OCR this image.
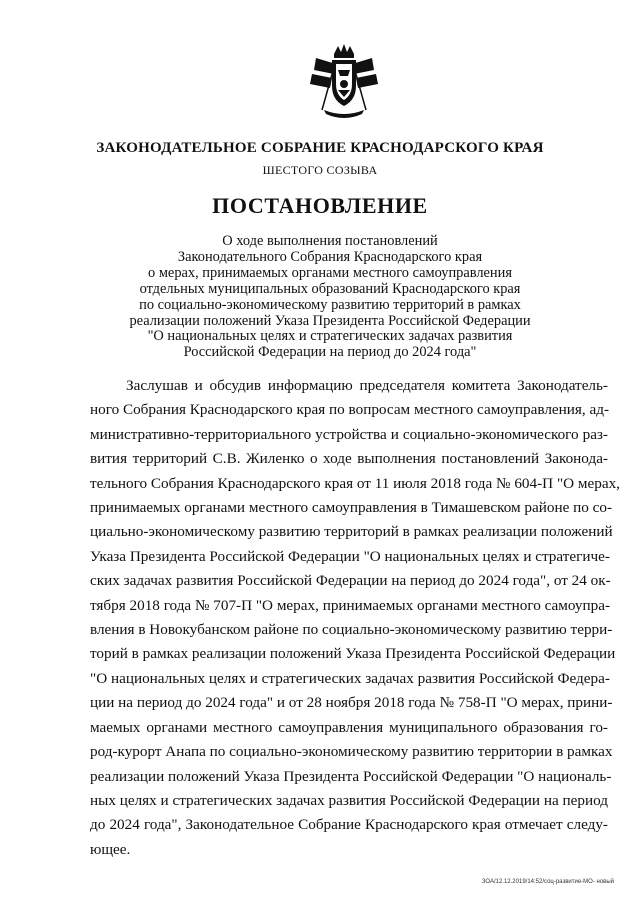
ЗАКОНОДАТЕЛЬНОЕ СОБРАНИЕ КРАСНОДАРСКОГО КРАЯ
ШЕСТОГО СОЗЫВА
ПОСТАНОВЛЕНИЕ
О ходе выполнения постановлений
Законодательного Собрания Краснодарского края
о мерах, принимаемых органами местного самоуправления
отдельных муниципальных образований Краснодарского края
по социально-экономическому развитию территорий в рамках
реализации положений Указа Президента Российской Федерации
"О национальных целях и стратегических задачах развития
Российской Федерации на период до 2024 года"
Заслушав и обсудив информацию председателя комитета Законодатель-
ного Собрания Краснодарского края по вопросам местного самоуправления, ад-
министративно-территориального устройства и социально-экономического раз-
вития территорий С.В. Жиленко о ходе выполнения постановлений Законода-
тельного Собрания Краснодарского края от 11 июля 2018 года № 604-П "О мерах,
принимаемых органами местного самоуправления в Тимашевском районе по со-
циально-экономическому развитию территорий в рамках реализации положений
Указа Президента Российской Федерации "О национальных целях и стратегиче-
ских задачах развития Российской Федерации на период до 2024 года", от 24 ок-
тября 2018 года № 707-П "О мерах, принимаемых органами местного самоупра-
вления в Новокубанском районе по социально-экономическому развитию терри-
торий в рамках реализации положений Указа Президента Российской Федерации
"О национальных целях и стратегических задачах развития Российской Федера-
ции на период до 2024 года" и от 28 ноября 2018 года № 758-П "О мерах, прини-
маемых органами местного самоуправления муниципального образования го-
род-курорт Анапа по социально-экономическому развитию территории в рамках
реализации положений Указа Президента Российской Федерации "О националь-
ных целях и стратегических задачах развития Российской Федерации на период
до 2024 года", Законодательное Собрание Краснодарского края отмечает следу-
ющее.
ЗОА/12.12.2019/14:52/соц-развитие-МО- новый
